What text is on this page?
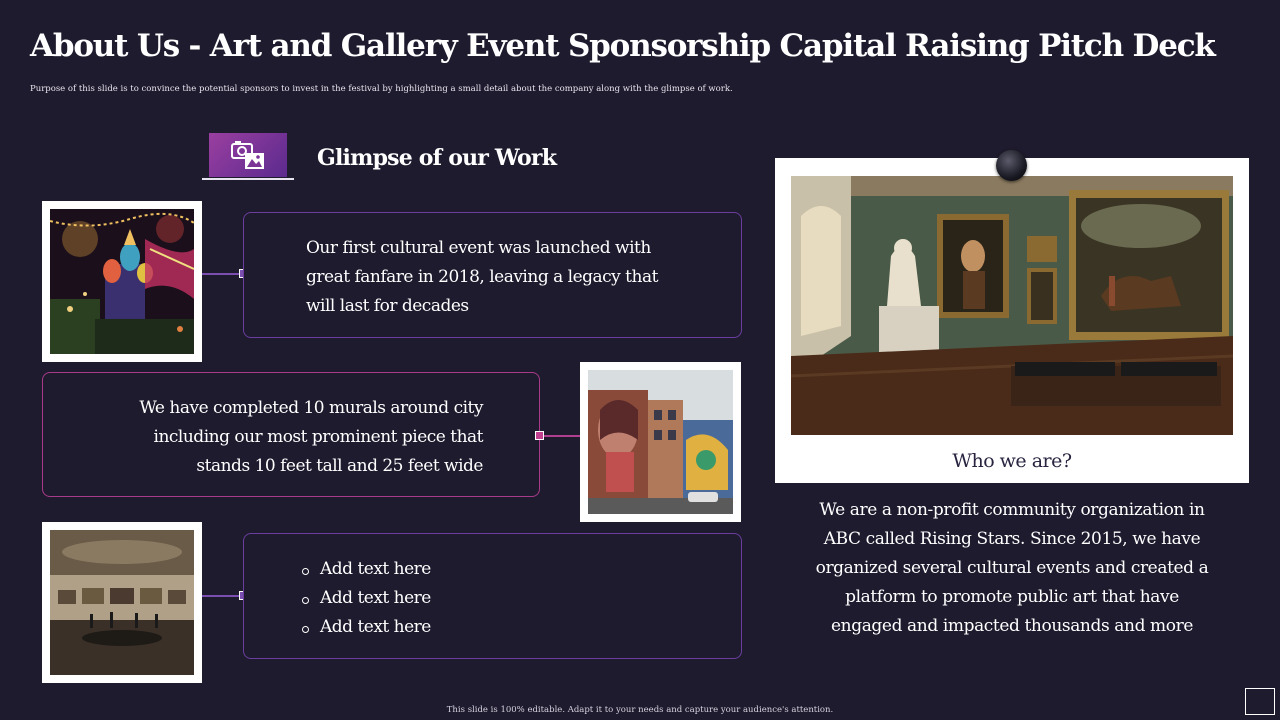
About Us - Art and Gallery Event Sponsorship Capital Raising Pitch Deck

Purpose of this slide is to convince the potential sponsors to invest in the festival by highlighting a small detail about the company along with the glimpse of work.

Glimpse of our Work

Our first cultural event was launched with great fanfare in 2018, leaving a legacy that will last for decades

We have completed 10 murals around city including our most prominent piece that stands 10 feet tall and 25 feet wide

Add text here
Add text here
Add text here

Who we are?

We are a non-profit community organization in ABC called Rising Stars. Since 2015, we have organized several cultural events and created a platform to promote public art that have engaged and impacted thousands and more

This slide is 100% editable. Adapt it to your needs and capture your audience's attention.
